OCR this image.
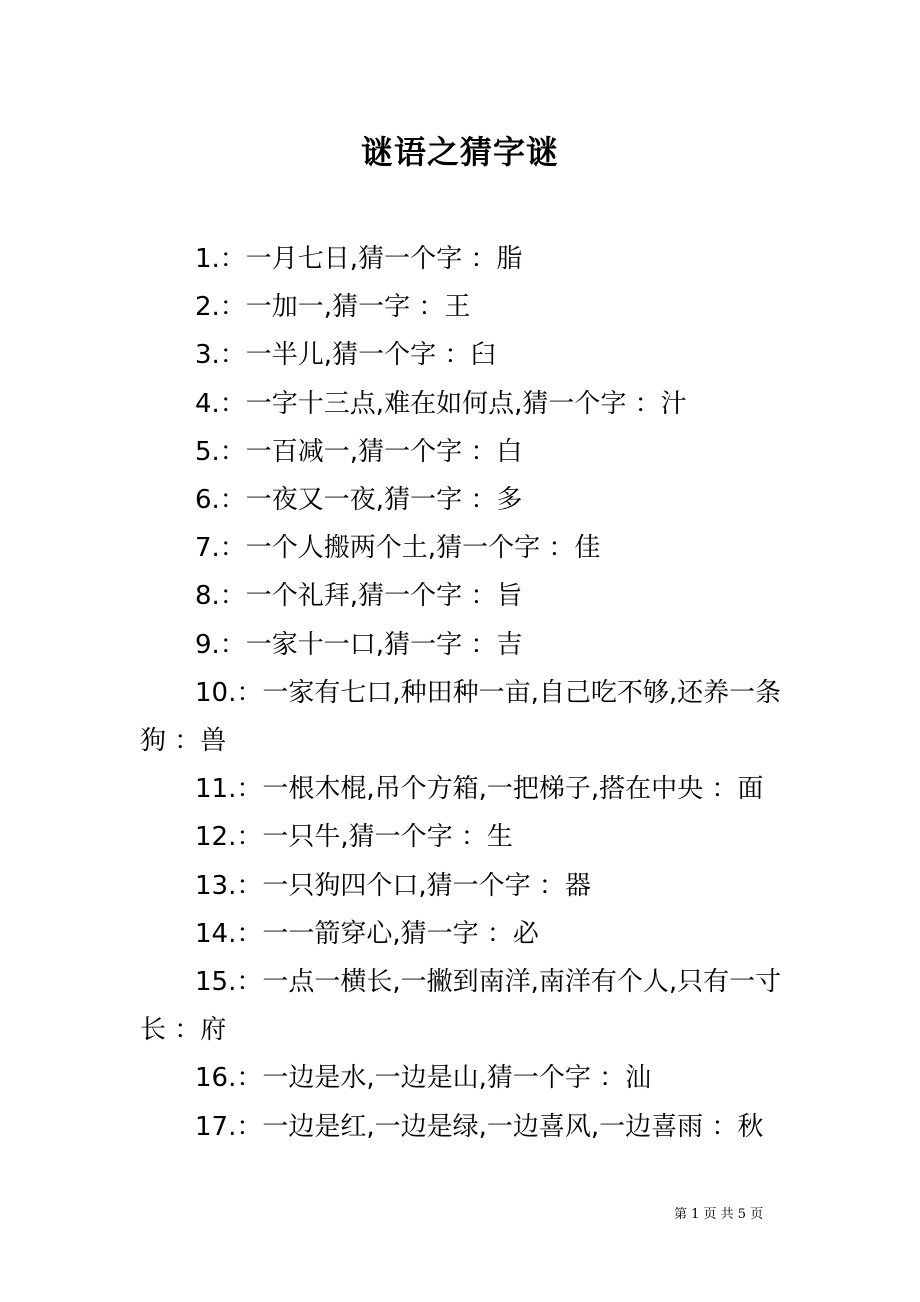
谜语之猜字谜

1.：一月七日,猜一个字 ：脂

2.：一加一,猜一字 ：王

3.：一半儿,猜一个字 ：臼

4.：一字十三点,难在如何点,猜一个字 ：汁

5.：一百减一,猜一个字 ：白

6.：一夜又一夜,猜一字 ：多

7.：一个人搬两个土,猜一个字 ：佳

8.：一个礼拜,猜一个字 ：旨

9.：一家十一口,猜一字 ：吉

10.：一家有七口,种田种一亩,自己吃不够,还养一条狗 ：兽

11.：一根木棍,吊个方箱,一把梯子,搭在中央 ：面

12.：一只牛,猜一个字 ：生

13.：一只狗四个口,猜一个字 ：器

14.：一一箭穿心,猜一字 ：必

15.：一点一横长,一撇到南洋,南洋有个人,只有一寸长 ：府

16.：一边是水,一边是山,猜一个字 ：汕

17.：一边是红,一边是绿,一边喜风,一边喜雨 ：秋

第 1 页 共 5 页
